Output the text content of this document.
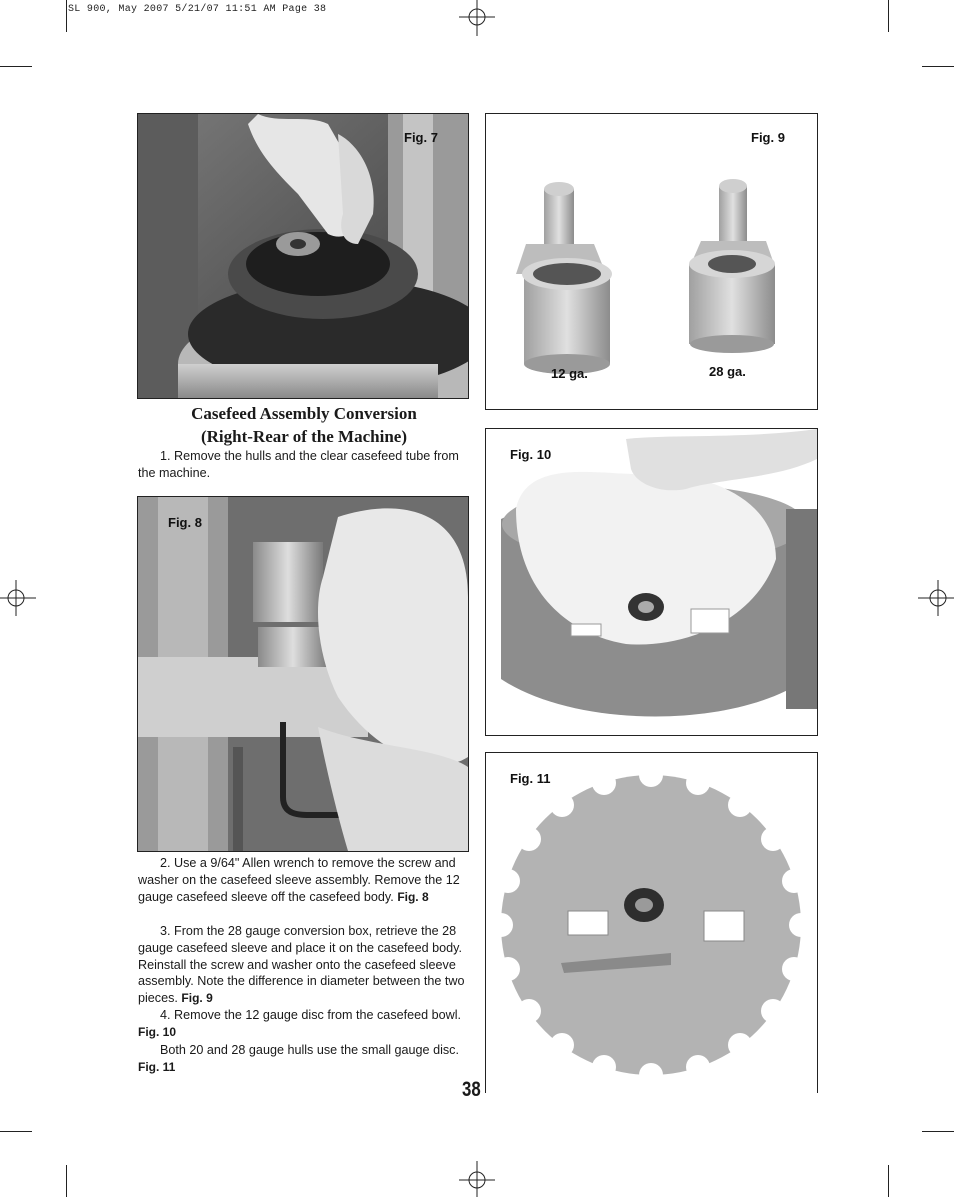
SL 900, May 2007 5/21/07 11:51 AM Page 38
Fig. 7	Fig. 9
12 ga.	28 ga.
Casefeed Assembly Conversion
(Right-Rear of the Machine)
1. Remove the hulls and the clear casefeed tube from the machine.
Fig. 10
Fig. 8
Fig. 11
2. Use a 9/64" Allen wrench to remove the screw and washer on the casefeed sleeve assembly. Remove the 12 gauge casefeed sleeve off the casefeed body. Fig. 8
3. From the 28 gauge conversion box, retrieve the 28 gauge casefeed sleeve and place it on the casefeed body. Reinstall the screw and washer onto the casefeed sleeve assembly. Note the difference in diameter between the two pieces. Fig. 9
4. Remove the 12 gauge disc from the casefeed bowl. Fig. 10
Both 20 and 28 gauge hulls use the small gauge disc. Fig. 11
38
